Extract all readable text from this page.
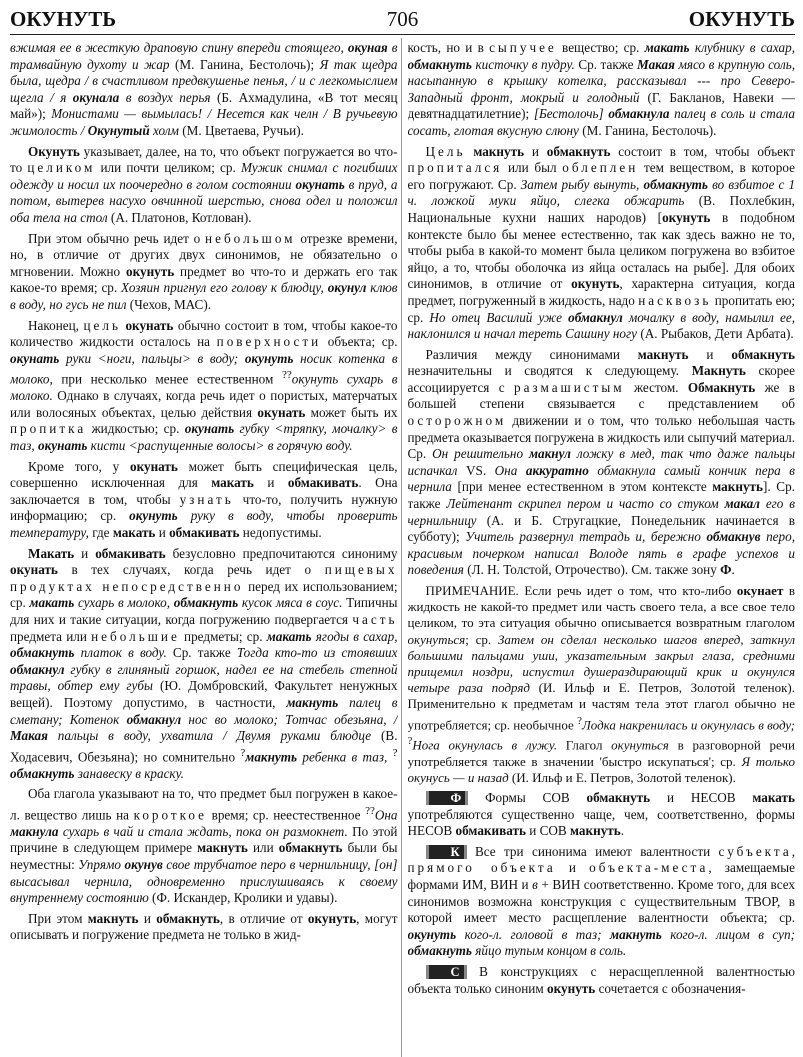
ОКУНУТЬ	706	ОКУНУТЬ

вжимая ее в жесткую драповую спину впереди стоящего, окуная в трамвайную духоту и жар (М. Ганина, Бестолочь); Я так щедра была, щедра / в счастливом предвкушенье пенья, / и с легкомыслием щегла / я окунала в воздух перья (Б. Ахмадулина, «В тот месяц май»); Монистами — вымылась! / Несется как челн / В ручьевую жимолость / Окунутый холм (М. Цветаева, Ручьи).

Окунуть указывает, далее, на то, что объект погружается во что-то целиком или почти целиком; ср. Мужик снимал с погибших одежду и носил их поочередно в голом состоянии окунать в пруд, а потом, вытерев насухо овчинной шерстью, снова одел и положил оба тела на стол (А. Платонов, Котлован).

При этом обычно речь идет о небольшом отрезке времени, но, в отличие от других двух синонимов, не обязательно о мгновении. Можно окунуть предмет во что-то и держать его так какое-то время; ср. Хозяин пригнул его голову к блюдцу, окунул клюв в воду, но гусь не пил (Чехов, МАС).

Наконец, цель окунать обычно состоит в том, чтобы какое-то количество жидкости осталось на поверхности объекта; ср. окунать руки <ноги, пальцы> в воду; окунуть носик котенка в молоко, при несколько менее естественном ??окунуть сухарь в молоко. Однако в случаях, когда речь идет о пористых, матерчатых или волосяных объектах, целью действия окунать может быть их пропитка жидкостью; ср. окунать губку <тряпку, мочалку> в таз, окунать кисти <распущенные волосы> в горячую воду.

Кроме того, у окунать может быть специфическая цель, совершенно исключенная для макать и обмакивать. Она заключается в том, чтобы узнать что-то, получить нужную информацию; ср. окунуть руку в воду, чтобы проверить температуру, где макать и обмакивать недопустимы.

Макать и обмакивать безусловно предпочитаются синониму окунать в тех случаях, когда речь идет о пищевых продуктах непосредственно перед их использованием; ср. макать сухарь в молоко, обмакнуть кусок мяса в соус. Типичны для них и такие ситуации, когда погружению подвергается часть предмета или небольшие предметы; ср. макать ягоды в сахар, обмакнуть платок в воду. Ср. также Тогда кто-то из стоявших обмакнул губку в глиняный горшок, надел ее на стебель степной травы, обтер ему губы (Ю. Домбровский, Факультет ненужных вещей). Поэтому допустимо, в частности, макнуть палец в сметану; Котенок обмакнул нос во молоко; Тотчас обезьяна, / Макая пальцы в воду, ухватила / Двумя руками блюдце (В. Ходасевич, Обезьяна); но сомнительно ?макнуть ребенка в таз, ?обмакнуть занавеску в краску.

Оба глагола указывают на то, что предмет был погружен в какое-л. вещество лишь на короткое время; ср. неестественное ??Она макнула сухарь в чай и стала ждать, пока он размокнет. По этой причине в следующем примере макнуть или обмакнуть были бы неуместны: Упрямо окунув свое трубчатое перо в чернильницу, [он] высасывал чернила, одновременно прислушиваясь к своему внутреннему состоянию (Ф. Искандер, Кролики и удавы).

При этом макнуть и обмакнуть, в отличие от окунуть, могут описывать и погружение предмета не только в жид-

кость, но и в сыпучее вещество; ср. макать клубнику в сахар, обмакнуть кисточку в пудру. Ср. также Макая мясо в крупную соль, насыпанную в крышку котелка, рассказывал --- про Северо-Западный фронт, мокрый и голодный (Г. Бакланов, Навеки — девятнадцатилетние); [Бестолочь] обмакнула палец в соль и стала сосать, глотая вкусную слюну (М. Ганина, Бестолочь).

Цель макнуть и обмакнуть состоит в том, чтобы объект пропитался или был облеплен тем веществом, в которое его погружают. Ср. Затем рыбу вынуть, обмакнуть во взбитое с 1 ч. ложкой муки яйцо, слегка обжарить (В. Похлебкин, Национальные кухни наших народов) [окунуть в подобном контексте было бы менее естественно, так как здесь важно не то, чтобы рыба в какой-то момент была целиком погружена во взбитое яйцо, а то, чтобы оболочка из яйца осталась на рыбе]. Для обоих синонимов, в отличие от окунуть, характерна ситуация, когда предмет, погруженный в жидкость, надо насквозь пропитать ею; ср. Но отец Василий уже обмакнул мочалку в воду, намылил ее, наклонился и начал тереть Сашину ногу (А. Рыбаков, Дети Арбата).

Различия между синонимами макнуть и обмакнуть незначительны и сводятся к следующему. Макнуть скорее ассоциируется с размашистым жестом. Обмакнуть же в большей степени связывается с представлением об осторожном движении и о том, что только небольшая часть предмета оказывается погружена в жидкость или сыпучий материал. Ср. Он решительно макнул ложку в мед, так что даже пальцы испачкал VS. Она аккуратно обмакнула самый кончик пера в чернила [при менее естественном в этом контексте макнуть]. Ср. также Лейтенант скрипел пером и часто со стуком макал его в чернильницу (А. и Б. Стругацкие, Понедельник начинается в субботу); Учитель развернул тетрадь и, бережно обмакнув перо, красивым почерком написал Володе пять в графе успехов и поведения (Л. Н. Толстой, Отрочество). См. также зону Ф.

ПРИМЕЧАНИЕ. Если речь идет о том, что кто-либо окунает в жидкость не какой-то предмет или часть своего тела, а все свое тело целиком, то эта ситуация обычно описывается возвратным глаголом окунуться; ср. Затем он сделал несколько шагов вперед, заткнул большими пальцами уши, указательным закрыл глаза, средними прищемил ноздри, испустил душераздирающий крик и окунулся четыре раза подряд (И. Ильф и Е. Петров, Золотой теленок). Применительно к предметам и частям тела этот глагол обычно не употребляется; ср. необычное ?Лодка накренилась и окунулась в воду; ?Нога окунулась в лужу. Глагол окунуться в разговорной речи употребляется также в значении 'быстро искупаться'; ср. Я только окунусь — и назад (И. Ильф и Е. Петров, Золотой теленок).

Ф Формы СОВ обмакнуть и НЕСОВ макать употребляются существенно чаще, чем, соответственно, формы НЕСОВ обмакивать и СОВ макнуть.

К Все три синонима имеют валентности субъекта, прямого объекта и объекта-места, замещаемые формами ИМ, ВИН и в + ВИН соответственно. Кроме того, для всех синонимов возможна конструкция с существительным ТВОР, в которой имеет место расщепление валентности объекта; ср. окунуть кого-л. головой в таз; макнуть кого-л. лицом в суп; обмакнуть яйцо тупым концом в соль.

С В конструкциях с нерасщепленной валентностью объекта только синоним окунуть сочетается с обозначения-
